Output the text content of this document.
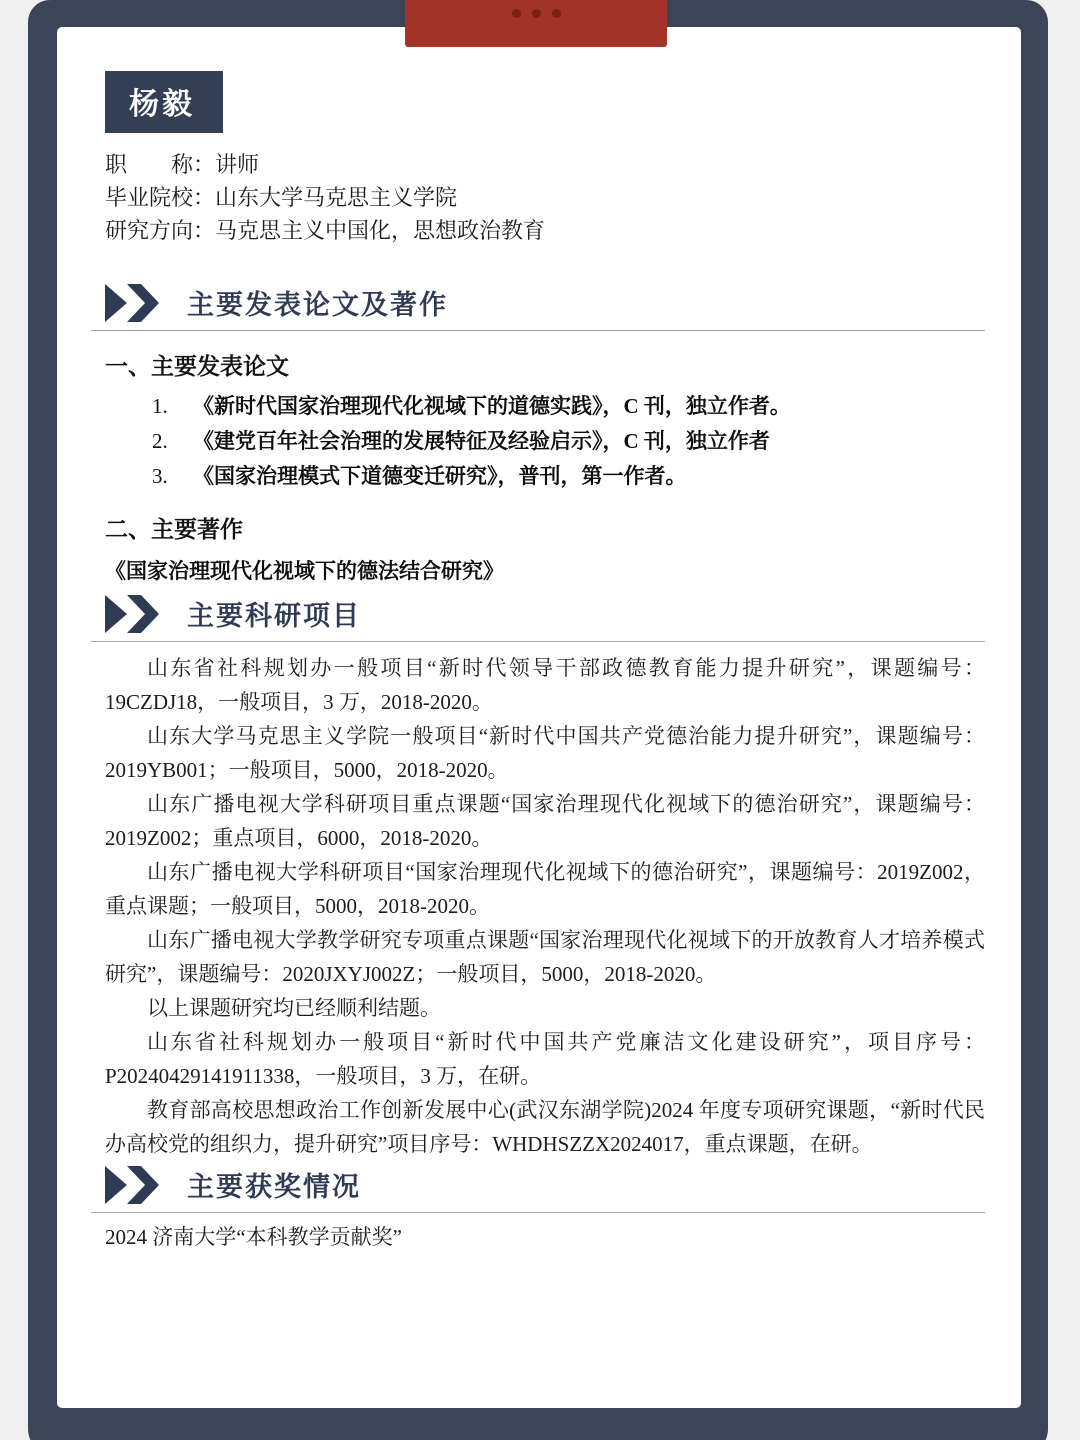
杨毅
职　　称：讲师
毕业院校：山东大学马克思主义学院
研究方向：马克思主义中国化，思想政治教育
主要发表论文及著作
一、主要发表论文
1.	《新时代国家治理现代化视域下的道德实践》，C 刊，独立作者。
2.	《建党百年社会治理的发展特征及经验启示》，C 刊，独立作者
3.	《国家治理模式下道德变迁研究》，普刊，第一作者。
二、主要著作
《国家治理现代化视域下的德法结合研究》
主要科研项目

山东省社科规划办一般项目“新时代领导干部政德教育能力提升研究”，课题编号：19CZDJ18，一般项目，3 万，2018-2020。

山东大学马克思主义学院一般项目“新时代中国共产党德治能力提升研究”，课题编号：2019YB001；一般项目，5000，2018-2020。

山东广播电视大学科研项目重点课题“国家治理现代化视域下的德治研究”，课题编号：2019Z002；重点项目，6000，2018-2020。

山东广播电视大学科研项目“国家治理现代化视域下的德治研究”，课题编号：2019Z002，重点课题；一般项目，5000，2018-2020。

山东广播电视大学教学研究专项重点课题“国家治理现代化视域下的开放教育人才培养模式研究”，课题编号：2020JXYJ002Z；一般项目，5000，2018-2020。

以上课题研究均已经顺利结题。

山东省社科规划办一般项目“新时代中国共产党廉洁文化建设研究”，项目序号：P20240429141911338，一般项目，3 万，在研。

教育部高校思想政治工作创新发展中心(武汉东湖学院)2024 年度专项研究课题，“新时代民办高校党的组织力，提升研究”项目序号：WHDHSZZX2024017，重点课题，在研。

主要获奖情况
2024 济南大学“本科教学贡献奖”
